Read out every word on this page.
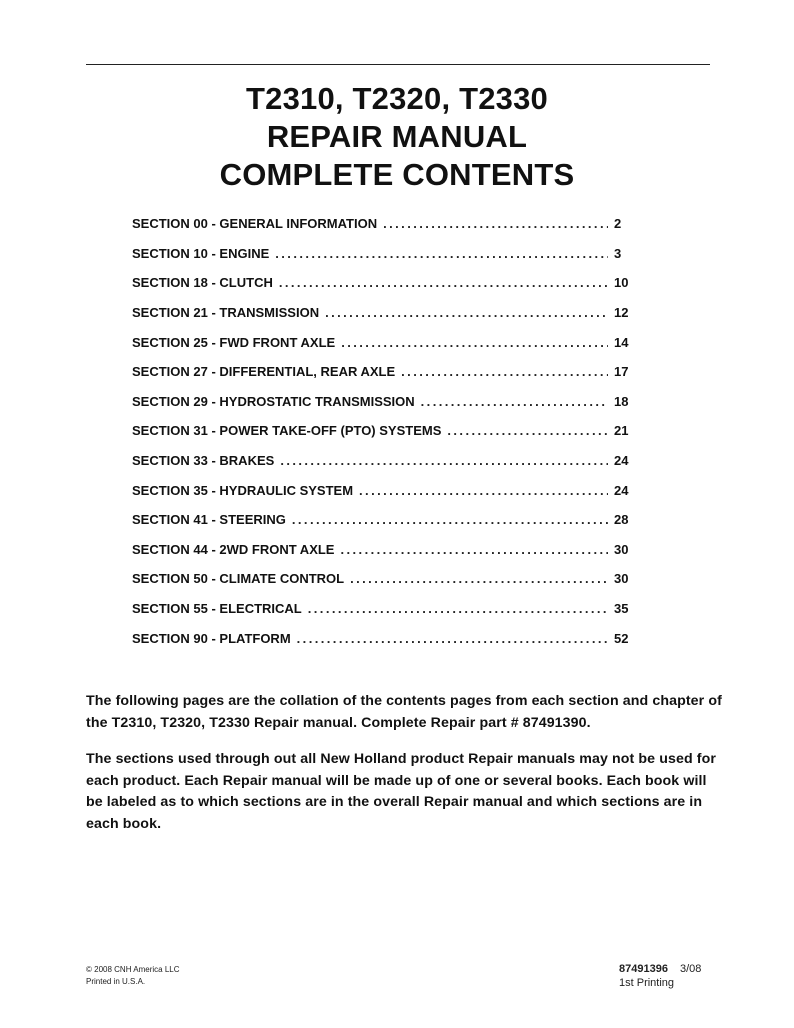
T2310, T2320, T2330
REPAIR MANUAL
COMPLETE CONTENTS
SECTION 00 - GENERAL INFORMATION . . .	2
SECTION 10 - ENGINE . . .	3
SECTION 18 - CLUTCH . . .	10
SECTION 21 - TRANSMISSION . . .	12
SECTION 25 - FWD FRONT AXLE . . .	14
SECTION 27 - DIFFERENTIAL, REAR AXLE . . .	17
SECTION 29 - HYDROSTATIC TRANSMISSION . . .	18
SECTION 31 - POWER TAKE-OFF (PTO) SYSTEMS . . .	21
SECTION 33 - BRAKES . . .	24
SECTION 35 - HYDRAULIC SYSTEM . . .	24
SECTION 41 - STEERING . . .	28
SECTION 44 - 2WD FRONT AXLE . . .	30
SECTION 50 - CLIMATE CONTROL . . .	30
SECTION 55 - ELECTRICAL . . .	35
SECTION 90 - PLATFORM . . .	52

The following pages are the collation of the contents pages from each section and chapter of the T2310, T2320, T2330 Repair manual. Complete Repair part # 87491390.

The sections used through out all New Holland product Repair manuals may not be used for each product. Each Repair manual will be made up of one or several books. Each book will be labeled as to which sections are in the overall Repair manual and which sections are in each book.

© 2008 CNH America LLC
Printed in U.S.A.
87491396 3/08
1st Printing
